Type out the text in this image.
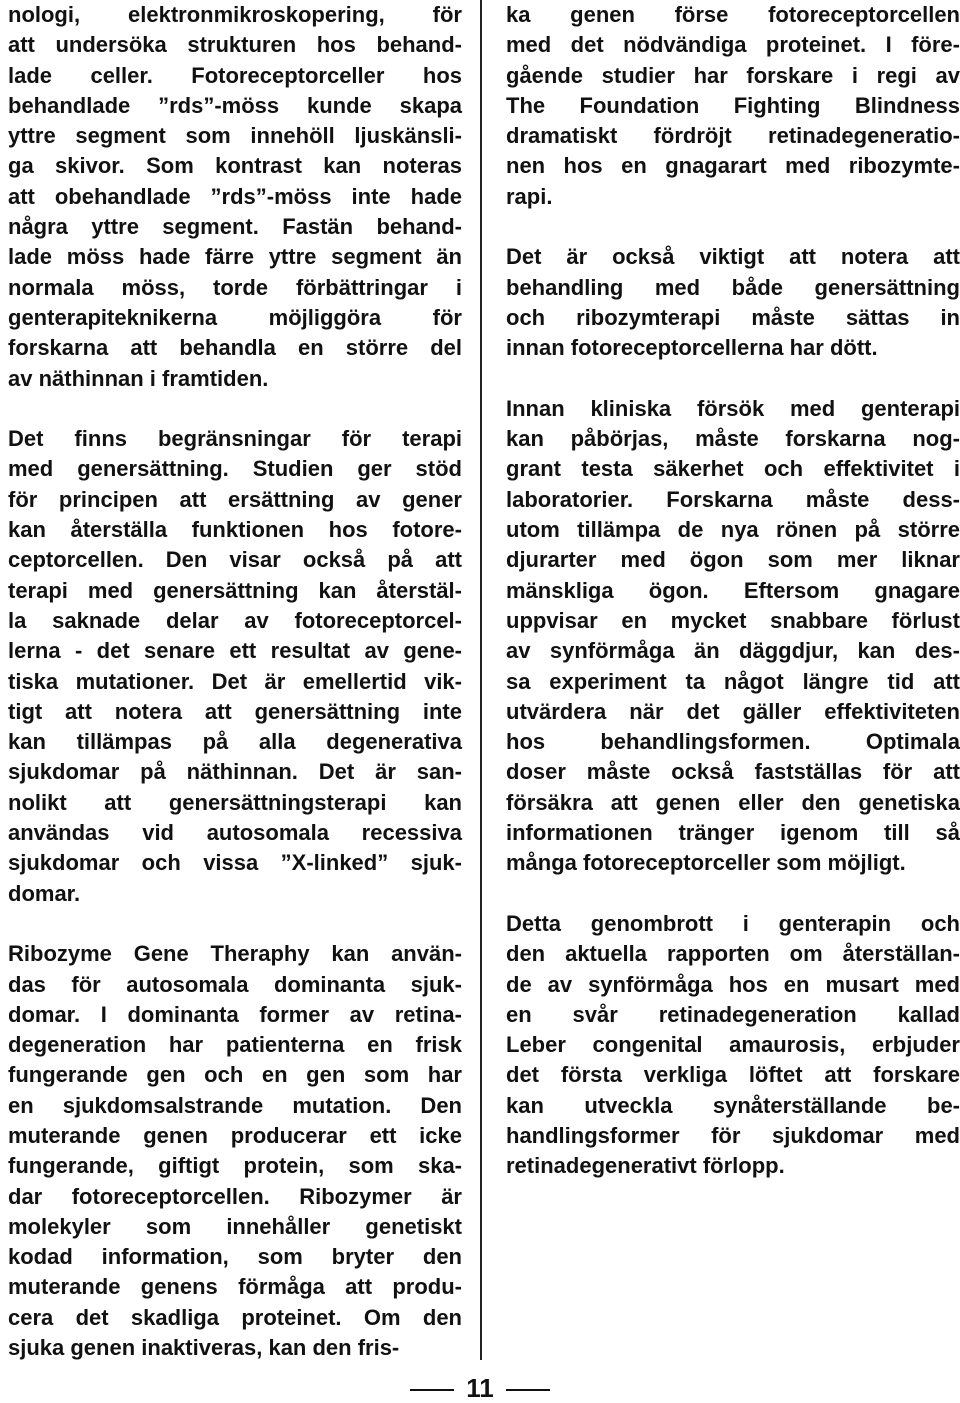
nologi, elektronmikroskopering, för
att undersöka strukturen hos behand-
lade celler. Fotoreceptorceller hos
behandlade ”rds”-möss kunde skapa
yttre segment som innehöll ljuskänsli-
ga skivor. Som kontrast kan noteras
att obehandlade ”rds”-möss inte hade
några yttre segment. Fastän behand-
lade möss hade färre yttre segment än
normala möss, torde förbättringar i
genterapiteknikerna möjliggöra för
forskarna att behandla en större del
av näthinnan i framtiden.
Det finns begränsningar för terapi
med genersättning. Studien ger stöd
för principen att ersättning av gener
kan återställa funktionen hos fotore-
ceptorcellen. Den visar också på att
terapi med genersättning kan återstäl-
la saknade delar av fotoreceptorcel-
lerna - det senare ett resultat av gene-
tiska mutationer. Det är emellertid vik-
tigt att notera att genersättning inte
kan tillämpas på alla degenerativa
sjukdomar på näthinnan. Det är san-
nolikt att genersättningsterapi kan
användas vid autosomala recessiva
sjukdomar och vissa ”X-linked” sjuk-
domar.
Ribozyme Gene Theraphy kan använ-
das för autosomala dominanta sjuk-
domar. I dominanta former av retina-
degeneration har patienterna en frisk
fungerande gen och en gen som har
en sjukdomsalstrande mutation. Den
muterande genen producerar ett icke
fungerande, giftigt protein, som ska-
dar fotoreceptorcellen. Ribozymer är
molekyler som innehåller genetiskt
kodad information, som bryter den
muterande genens förmåga att produ-
cera det skadliga proteinet. Om den
sjuka genen inaktiveras, kan den fris-
ka genen förse fotoreceptorcellen
med det nödvändiga proteinet. I före-
gående studier har forskare i regi av
The Foundation Fighting Blindness
dramatiskt fördröjt retinadegeneratio-
nen hos en gnagarart med ribozymte-
rapi.
Det är också viktigt att notera att
behandling med både genersättning
och ribozymterapi måste sättas in
innan fotoreceptorcellerna har dött.
Innan kliniska försök med genterapi
kan påbörjas, måste forskarna nog-
grant testa säkerhet och effektivitet i
laboratorier. Forskarna måste dess-
utom tillämpa de nya rönen på större
djurarter med ögon som mer liknar
mänskliga ögon. Eftersom gnagare
uppvisar en mycket snabbare förlust
av synförmåga än däggdjur, kan des-
sa experiment ta något längre tid att
utvärdera när det gäller effektiviteten
hos behandlingsformen. Optimala
doser måste också fastställas för att
försäkra att genen eller den genetiska
informationen tränger igenom till så
många fotoreceptorceller som möjligt.
Detta genombrott i genterapin och
den aktuella rapporten om återställan-
de av synförmåga hos en musart med
en svår retinadegeneration kallad
Leber congenital amaurosis, erbjuder
det första verkliga löftet att forskare
kan utveckla synåterställande be-
handlingsformer för sjukdomar med
retinadegenerativt förlopp.
11
